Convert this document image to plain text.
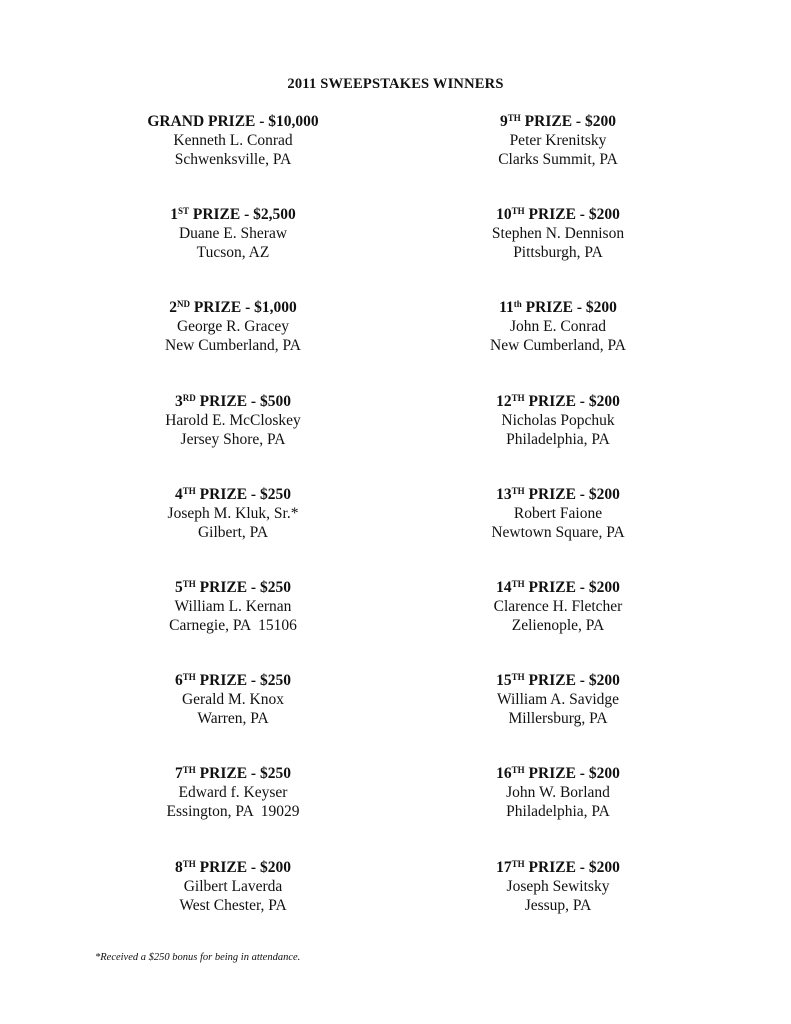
2011 SWEEPSTAKES WINNERS
GRAND PRIZE - $10,000
Kenneth L. Conrad
Schwenksville, PA
1ST PRIZE - $2,500
Duane E. Sheraw
Tucson, AZ
2ND PRIZE - $1,000
George R. Gracey
New Cumberland, PA
3RD PRIZE - $500
Harold E. McCloskey
Jersey Shore, PA
4TH PRIZE - $250
Joseph M. Kluk, Sr.*
Gilbert, PA
5TH PRIZE - $250
William L. Kernan
Carnegie, PA  15106
6TH PRIZE - $250
Gerald M. Knox
Warren, PA
7TH PRIZE - $250
Edward f. Keyser
Essington, PA  19029
8TH PRIZE - $200
Gilbert Laverda
West Chester, PA
9TH PRIZE - $200
Peter Krenitsky
Clarks Summit, PA
10TH PRIZE - $200
Stephen N. Dennison
Pittsburgh, PA
11th PRIZE - $200
John E. Conrad
New Cumberland, PA
12TH PRIZE - $200
Nicholas Popchuk
Philadelphia, PA
13TH PRIZE - $200
Robert Faione
Newtown Square, PA
14TH PRIZE - $200
Clarence H. Fletcher
Zelienople, PA
15TH PRIZE - $200
William A. Savidge
Millersburg, PA
16TH PRIZE - $200
John W. Borland
Philadelphia, PA
17TH PRIZE - $200
Joseph Sewitsky
Jessup, PA
*Received a $250 bonus for being in attendance.
